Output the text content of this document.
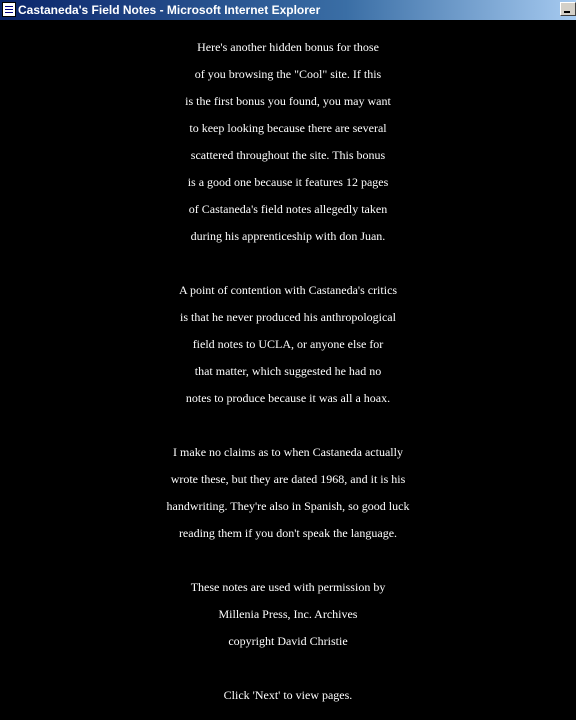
Castaneda's Field Notes - Microsoft Internet Explorer
Here's another hidden bonus for those
of you browsing the "Cool" site. If this
is the first bonus you found, you may want
to keep looking because there are several
scattered throughout the site. This bonus
is a good one because it features 12 pages
of Castaneda's field notes allegedly taken
during his apprenticeship with don Juan.
A point of contention with Castaneda's critics
is that he never produced his anthropological
field notes to UCLA, or anyone else for
that matter, which suggested he had no
notes to produce because it was all a hoax.
I make no claims as to when Castaneda actually
wrote these, but they are dated 1968, and it is his
handwriting. They're also in Spanish, so good luck
reading them if you don't speak the language.
These notes are used with permission by
Millenia Press, Inc. Archives
copyright David Christie
Click 'Next' to view pages.
